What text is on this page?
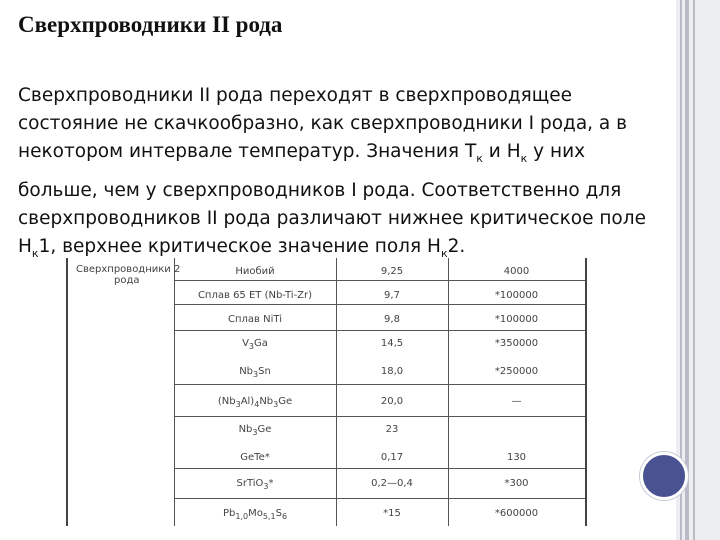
Сверхпроводники II рода
Сверхпроводники II рода переходят в сверхпроводящее
состояние не скачкообразно, как сверхпроводники I рода, а в
некотором интервале температур. Значения $T_к$ и $H_к$ у них
больше, чем у сверхпроводников I рода. Соответственно для
сверхпроводников II рода различают нижнее критическое поле
$H_к1$, верхнее критическое значение поля $H_к2$.
Сверхпроводники 2
рода
Ниобий	9,25	4000
Сплав 65 ЕТ (Nb-Ti-Zr)	9,7	*100000
Сплав NiTi	9,8	*100000
$V_3Ga$	14,5	*350000
$Nb_3Sn$	18,0	*250000
$(Nb_3Al)_4Nb_3Ge$	20,0	—
$Nb_3Ge$	23
GeTe*	0,17	130
SrTiO$_3$*	0,2—0,4	*300
$Pb_{1,0}Mo_{5,1}S_6$	*15	*600000
